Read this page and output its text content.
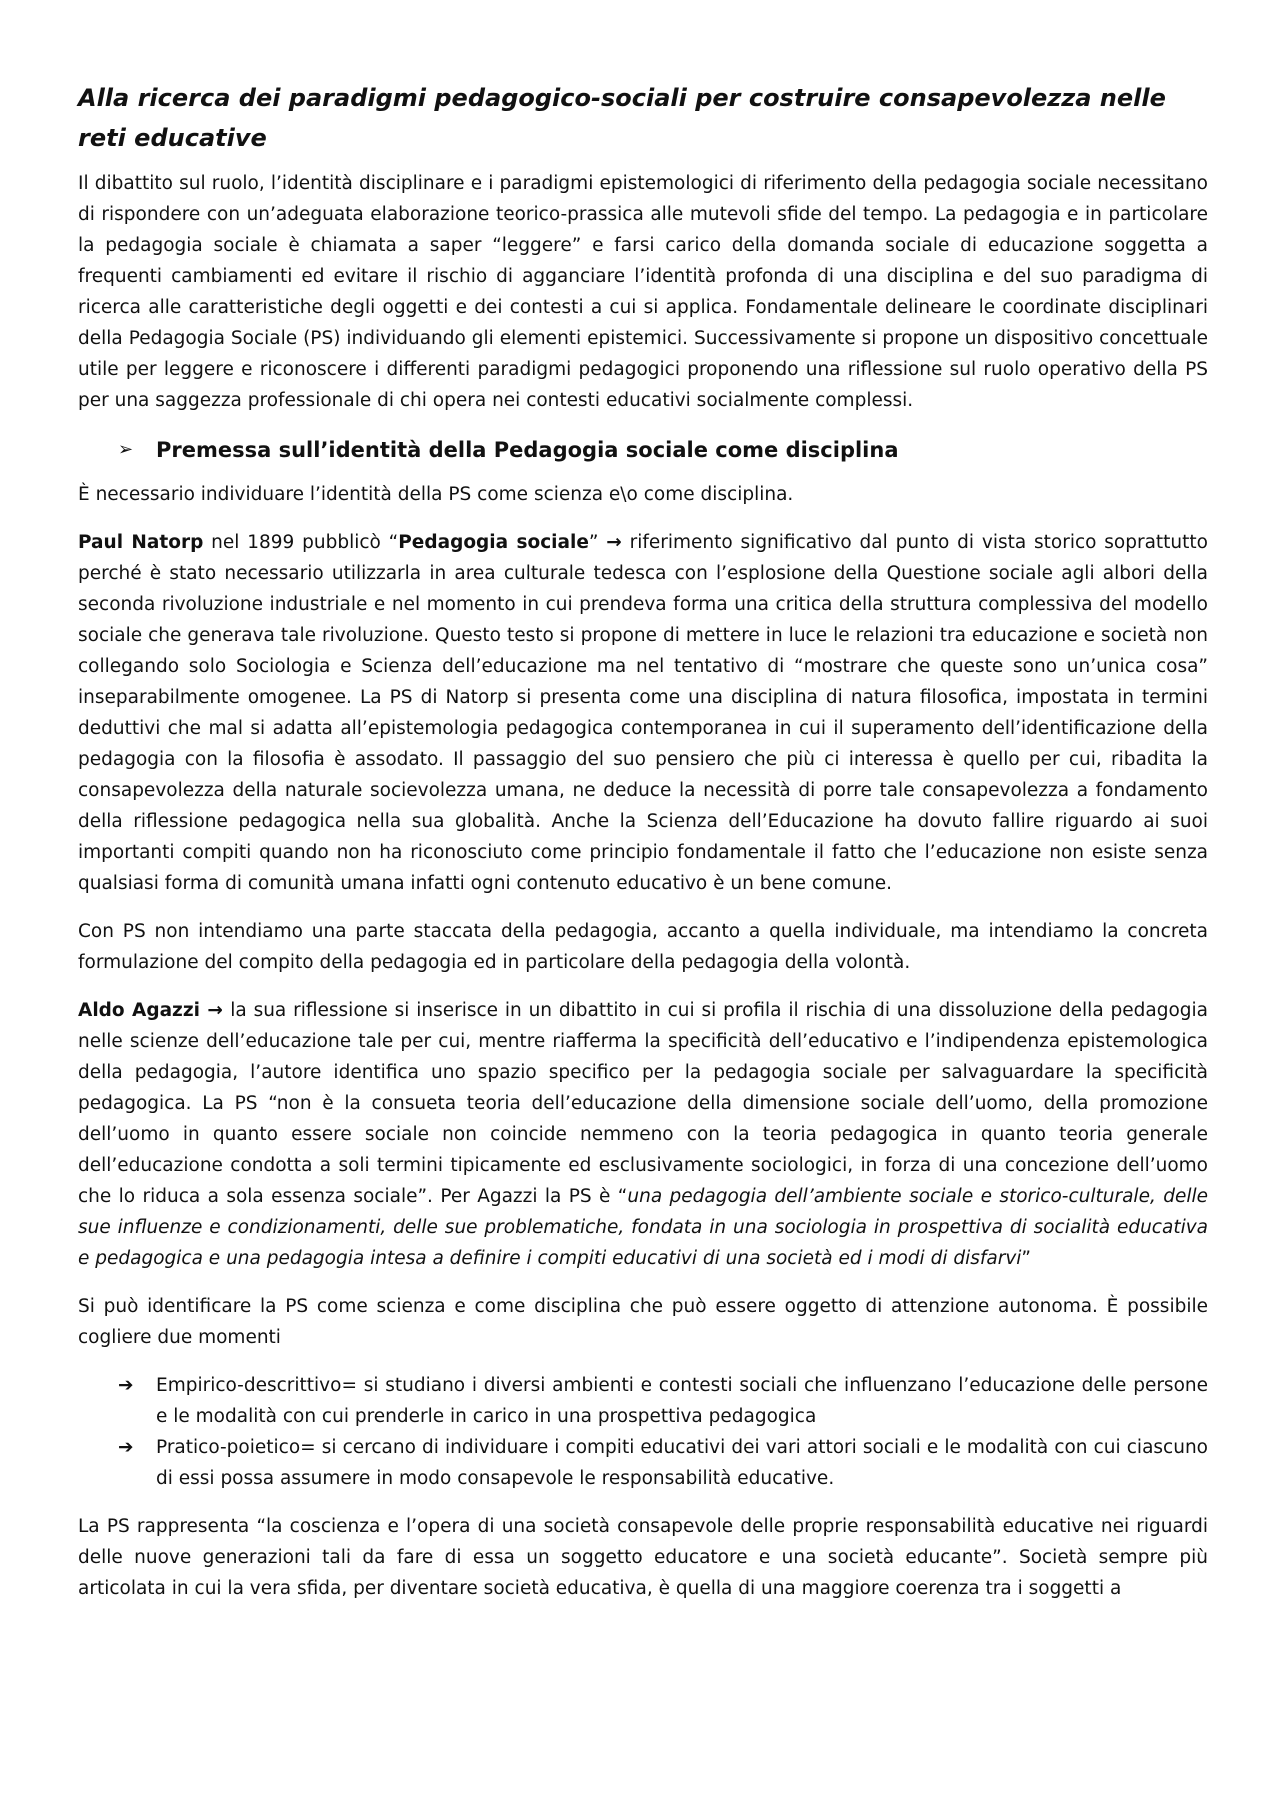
Alla ricerca dei paradigmi pedagogico-sociali per costruire consapevolezza nelle reti educative

Il dibattito sul ruolo, l’identità disciplinare e i paradigmi epistemologici di riferimento della pedagogia sociale necessitano di rispondere con un’adeguata elaborazione teorico-prassica alle mutevoli sfide del tempo. La pedagogia e in particolare la pedagogia sociale è chiamata a saper “leggere” e farsi carico della domanda sociale di educazione soggetta a frequenti cambiamenti ed evitare il rischio di agganciare l’identità profonda di una disciplina e del suo paradigma di ricerca alle caratteristiche degli oggetti e dei contesti a cui si applica. Fondamentale delineare le coordinate disciplinari della Pedagogia Sociale (PS) individuando gli elementi epistemici. Successivamente si propone un dispositivo concettuale utile per leggere e riconoscere i differenti paradigmi pedagogici proponendo una riflessione sul ruolo operativo della PS per una saggezza professionale di chi opera nei contesti educativi socialmente complessi.

➢	Premessa sull’identità della Pedagogia sociale come disciplina

È necessario individuare l’identità della PS come scienza e\o come disciplina.

Paul Natorp nel 1899 pubblicò “Pedagogia sociale” → riferimento significativo dal punto di vista storico soprattutto perché è stato necessario utilizzarla in area culturale tedesca con l’esplosione della Questione sociale agli albori della seconda rivoluzione industriale e nel momento in cui prendeva forma una critica della struttura complessiva del modello sociale che generava tale rivoluzione. Questo testo si propone di mettere in luce le relazioni tra educazione e società non collegando solo Sociologia e Scienza dell’educazione ma nel tentativo di “mostrare che queste sono un’unica cosa” inseparabilmente omogenee. La PS di Natorp si presenta come una disciplina di natura filosofica, impostata in termini deduttivi che mal si adatta all’epistemologia pedagogica contemporanea in cui il superamento dell’identificazione della pedagogia con la filosofia è assodato. Il passaggio del suo pensiero che più ci interessa è quello per cui, ribadita la consapevolezza della naturale socievolezza umana, ne deduce la necessità di porre tale consapevolezza a fondamento della riflessione pedagogica nella sua globalità. Anche la Scienza dell’Educazione ha dovuto fallire riguardo ai suoi importanti compiti quando non ha riconosciuto come principio fondamentale il fatto che l’educazione non esiste senza qualsiasi forma di comunità umana infatti ogni contenuto educativo è un bene comune.

Con PS non intendiamo una parte staccata della pedagogia, accanto a quella individuale, ma intendiamo la concreta formulazione del compito della pedagogia ed in particolare della pedagogia della volontà.

Aldo Agazzi → la sua riflessione si inserisce in un dibattito in cui si profila il rischia di una dissoluzione della pedagogia nelle scienze dell’educazione tale per cui, mentre riafferma la specificità dell’educativo e l’indipendenza epistemologica della pedagogia, l’autore identifica uno spazio specifico per la pedagogia sociale per salvaguardare la specificità pedagogica. La PS “non è la consueta teoria dell’educazione della dimensione sociale dell’uomo, della promozione dell’uomo in quanto essere sociale non coincide nemmeno con la teoria pedagogica in quanto teoria generale dell’educazione condotta a soli termini tipicamente ed esclusivamente sociologici, in forza di una concezione dell’uomo che lo riduca a sola essenza sociale”. Per Agazzi la PS è “una pedagogia dell’ambiente sociale e storico-culturale, delle sue influenze e condizionamenti, delle sue problematiche, fondata in una sociologia in prospettiva di socialità educativa e pedagogica e una pedagogia intesa a definire i compiti educativi di una società ed i modi di disfarvi”

Si può identificare la PS come scienza e come disciplina che può essere oggetto di attenzione autonoma. È possibile cogliere due momenti

➔	Empirico-descrittivo= si studiano i diversi ambienti e contesti sociali che influenzano l’educazione delle persone e le modalità con cui prenderle in carico in una prospettiva pedagogica
➔	Pratico-poietico= si cercano di individuare i compiti educativi dei vari attori sociali e le modalità con cui ciascuno di essi possa assumere in modo consapevole le responsabilità educative.

La PS rappresenta “la coscienza e l’opera di una società consapevole delle proprie responsabilità educative nei riguardi delle nuove generazioni tali da fare di essa un soggetto educatore e una società educante”. Società sempre più articolata in cui la vera sfida, per diventare società educativa, è quella di una maggiore coerenza tra i soggetti a
